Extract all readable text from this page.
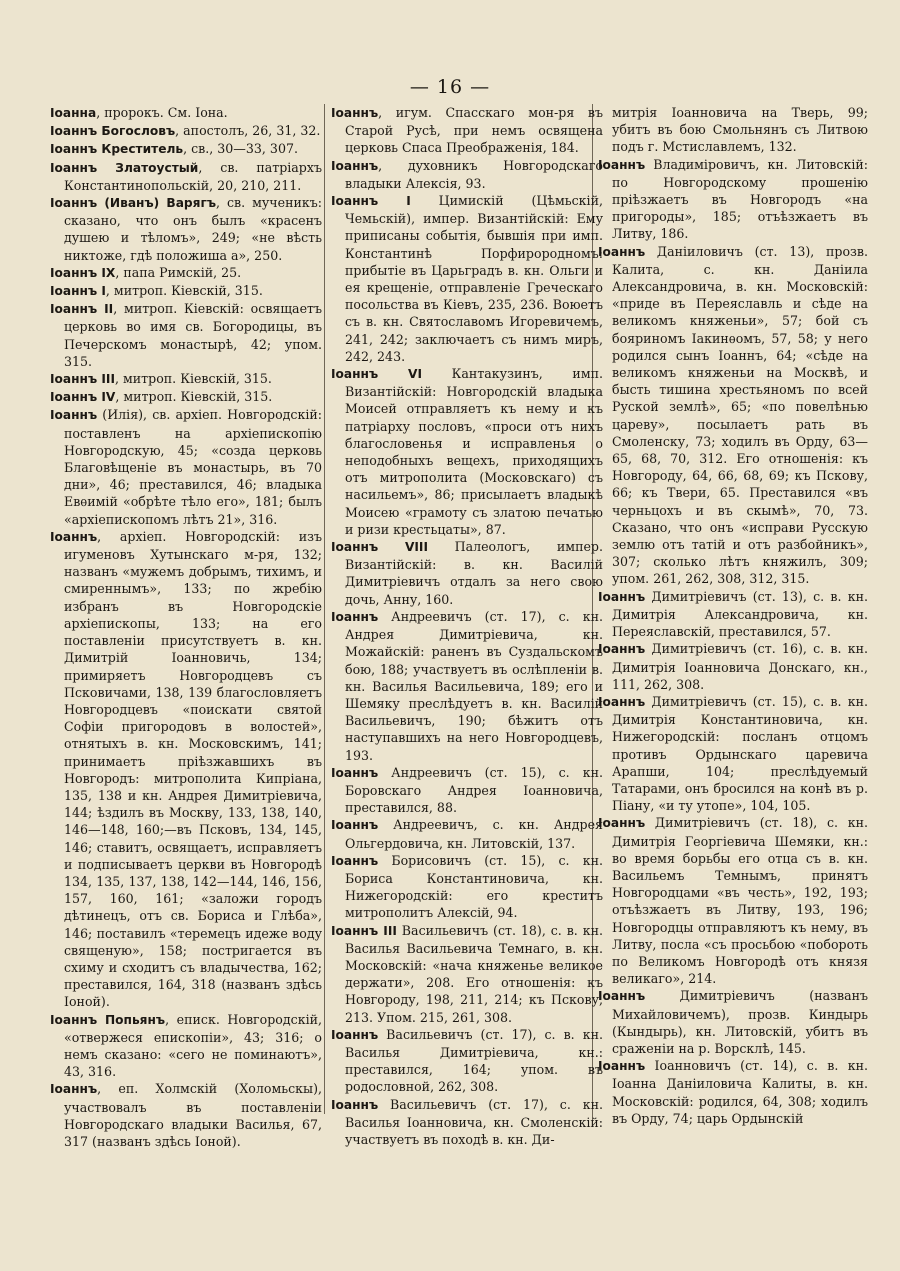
— 16 —

Іоанна, пророкъ. См. Іона.

Іоаннъ Богословъ, апостолъ, 26, 31, 32.

Іоаннъ Креститель, св., 30—33, 307.

Іоаннъ Златоустый, св. патріархъ Константинопольскій, 20, 210, 211.

Іоаннъ (Иванъ) Варягъ, св. мученикъ: сказано, что онъ былъ «красенъ душею и тѣломъ», 249; «не вѣсть никтоже, гдѣ положиша а», 250.

Іоаннъ IX, папа Римскій, 25.

Іоаннъ I, митроп. Кіевскій, 315.

Іоаннъ II, митроп. Кіевскій: освящаетъ церковь во имя св. Богородицы, въ Печерскомъ монастырѣ, 42; упом. 315.

Іоаннъ III, митроп. Кіевскій, 315.

Іоаннъ IV, митроп. Кіевскій, 315.

Іоаннъ (Илія), св. архіеп. Новгородскій: поставленъ на архіепископію Новгородскую, 45; «созда церковь Благовѣщеніе въ монастырь, въ 70 дни», 46; преставился, 46; владыка Евѳимій «обрѣте тѣло его», 181; былъ «архіепископомъ лѣтъ 21», 316.

Іоаннъ, архіеп. Новгородскій: изъ игуменовъ Хутынскаго м-ря, 132; названъ «мужемъ добрымъ, тихимъ, и смиреннымъ», 133; по жребію избранъ въ Новгородскіе архіепископы, 133; на его поставленіи присутствуетъ в. кн. Димитрій Іоанновичь, 134; примиряетъ Новгородцевъ съ Псковичами, 138, 139 благословляетъ Новгородцевъ «поискати святой Софіи пригородовъ в волостей», отнятыхъ в. кн. Московскимъ, 141; принимаетъ пріѣзжавшихъ въ Новгородъ: митрополита Кипріана, 135, 138 и кн. Андрея Димитріевича, 144; ѣздилъ въ Москву, 133, 138, 140, 146—148, 160;—въ Псковъ, 134, 145, 146; ставитъ, освящаетъ, исправляетъ и подписываетъ церкви въ Новгородѣ 134, 135, 137, 138, 142—144, 146, 156, 157, 160, 161; «заложи городъ дѣтинецъ, отъ св. Бориса и Глѣба», 146; поставилъ «теремецъ идеже воду священую», 158; постригается въ схиму и сходитъ съ владычества, 162; преставился, 164, 318 (названъ здѣсь Іоной).

Іоаннъ Попьянъ, еписк. Новгородскій, «отвержеся епископіи», 43; 316; о немъ сказано: «сего не поминаютъ», 43, 316.

Іоаннъ, еп. Холмскій (Холомьскы), участвовалъ въ поставленіи Новгородскаго владыки Василья, 67, 317 (названъ здѣсь Іоной).

Іоаннъ, игум. Спасскаго мон-ря въ Старой Русѣ, при немъ освящена церковь Спаса Преображенія, 184.

Іоаннъ, духовникъ Новгородскаго владыки Алексія, 93.

Іоаннъ I Цимискій (Цѣмьскій, Чемьскій), импер. Византійскій: Ему приписаны событія, бывшія при имп. Константинѣ Порфирородномъ: прибытіе въ Царьградъ в. кн. Ольги и ея крещеніе, отправленіе Греческаго посольства въ Кіевъ, 235, 236. Воюетъ съ в. кн. Святославомъ Игоревичемъ, 241, 242; заключаетъ съ нимъ миръ, 242, 243.

Іоаннъ VI Кантакузинъ, имп. Византійскій: Новгородскій владыка Моисей отправляетъ къ нему и къ патріарху пословъ, «проси отъ нихъ благословенья и исправленья о неподобныхъ вещехъ, приходящихъ отъ митрополита (Московскаго) съ насильемъ», 86; присылаетъ владыкѣ Моисею «грамоту съ златою печатью и ризи крестьцаты», 87.

Іоаннъ VIII Палеологъ, импер. Византійскій: в. кн. Василій Димитріевичъ отдалъ за него свою дочь, Анну, 160.

Іоаннъ Андреевичъ (ст. 17), с. кн. Андрея Димитріевича, кн. Можайскій: раненъ въ Суздальскомъ бою, 188; участвуетъ въ ослѣпленіи в. кн. Василья Васильевича, 189; его и Шемяку преслѣдуетъ в. кн. Василій Васильевичъ, 190; бѣжитъ отъ наступавшихъ на него Новгородцевъ, 193.

Іоаннъ Андреевичъ (ст. 15), с. кн. Боровскаго Андрея Іоанновича, преставился, 88.

Іоаннъ Андреевичъ, с. кн. Андрея Ольгердовича, кн. Литовскій, 137.

Іоаннъ Борисовичъ (ст. 15), с. кн. Бориса Константиновича, кн. Нижегородскій: его креститъ митрополитъ Алексій, 94.

Іоаннъ III Васильевичъ (ст. 18), с. в. кн. Василья Васильевича Темнаго, в. кн. Московскій: «нача княженье великое держати», 208. Его отношенія: къ Новгороду, 198, 211, 214; къ Пскову, 213. Упом. 215, 261, 308.

Іоаннъ Васильевичъ (ст. 17), с. в. кн. Василья Димитріевича, кн.: преставился, 164; упом. въ родословной, 262, 308.

Іоаннъ Васильевичъ (ст. 17), с. кн. Василья Іоанновича, кн. Смоленскій: участвуетъ въ походѣ в. кн. Ди-

митрія Іоанновича на Тверь, 99; убитъ въ бою Смольнянъ съ Литвою подъ г. Мстиславлемъ, 132.

Іоаннъ Владиміровичъ, кн. Литовскій: по Новгородскому прошенію пріѣзжаетъ въ Новгородъ «на пригороды», 185; отъѣзжаетъ въ Литву, 186.

Іоаннъ Даніиловичъ (ст. 13), прозв. Калита, с. кн. Даніила Александровича, в. кн. Московскій: «приде въ Переяславль и сѣде на великомъ княженьи», 57; бой съ бояриномъ Іакинѳомъ, 57, 58; у него родился сынъ Іоаннъ, 64; «сѣде на великомъ княженьи на Москвѣ, и бысть тишина хрестьяномъ по всей Руской землѣ», 65; «по повелѣнью цареву», посылаетъ рать въ Смоленску, 73; ходилъ въ Орду, 63—65, 68, 70, 312. Его отношенія: къ Новгороду, 64, 66, 68, 69; къ Пскову, 66; къ Твери, 65. Преставился «въ черньцохъ и въ скымѣ», 70, 73. Сказано, что онъ «исправи Русскую землю отъ татій и отъ разбойникъ», 307; сколько лѣтъ княжилъ, 309; упом. 261, 262, 308, 312, 315.

Іоаннъ Димитріевичъ (ст. 13), с. в. кн. Димитрія Александровича, кн. Переяславскій, преставился, 57.

Іоаннъ Димитріевичъ (ст. 16), с. в. кн. Димитрія Іоанновича Донскаго, кн., 111, 262, 308.

Іоаннъ Димитріевичъ (ст. 15), с. в. кн. Димитрія Константиновича, кн. Нижегородскій: посланъ отцомъ противъ Ордынскаго царевича Арапши, 104; преслѣдуемый Татарами, онъ бросился на конѣ въ р. Піану, «и ту утопе», 104, 105.

Іоаннъ Димитріевичъ (ст. 18), с. кн. Димитрія Георгіевича Шемяки, кн.: во время борьбы его отца съ в. кн. Васильемъ Темнымъ, принятъ Новгородцами «въ честь», 192, 193; отъѣзжаетъ въ Литву, 193, 196; Новгородцы отправляютъ къ нему, въ Литву, посла «съ просьбою «побороть по Великомъ Новгородѣ отъ князя великаго», 214.

Іоаннъ Димитріевичъ (названъ Михайловичемъ), прозв. Киндырь (Кындырь), кн. Литовскій, убитъ въ сраженіи на р. Ворсклѣ, 145.

Іоаннъ Іоанновичъ (ст. 14), с. в. кн. Іоанна Даніиловича Калиты, в. кн. Московскій: родился, 64, 308; ходилъ въ Орду, 74; царь Ордынскій
